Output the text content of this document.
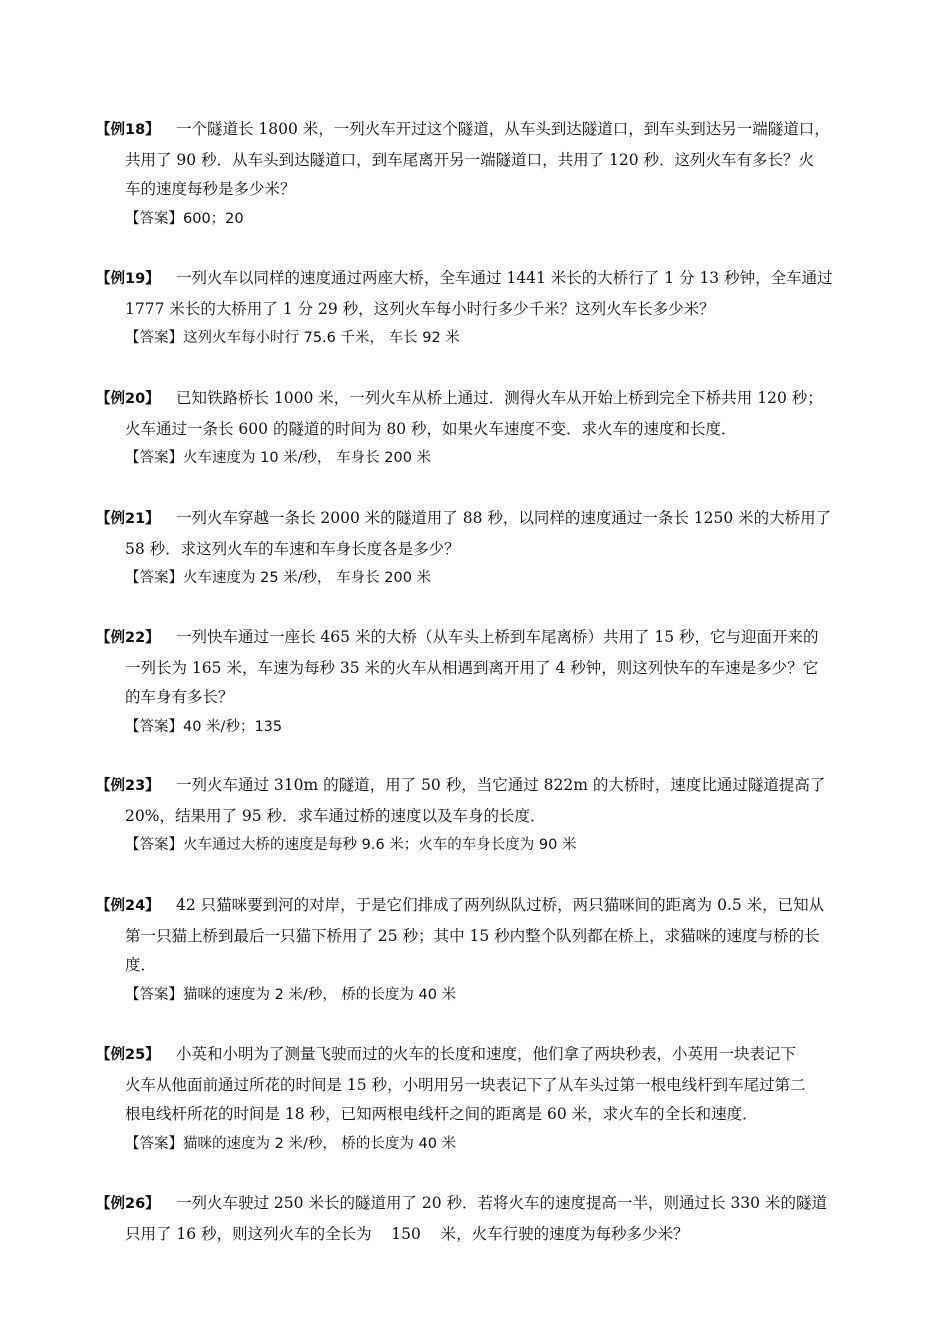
【例18】 一个隧道长 1800 米，一列火车开过这个隧道，从车头到达隧道口，到车头到达另一端隧道口，
共用了 90 秒．从车头到达隧道口，到车尾离开另一端隧道口，共用了 120 秒．这列火车有多长？火
车的速度每秒是多少米？
【答案】600；20
【例19】 一列火车以同样的速度通过两座大桥，全车通过 1441 米长的大桥行了 1 分 13 秒钟，全车通过
1777 米长的大桥用了 1 分 29 秒，这列火车每小时行多少千米？这列火车长多少米？
【答案】这列火车每小时行 75.6 千米， 车长 92 米
【例20】 已知铁路桥长 1000 米，一列火车从桥上通过．测得火车从开始上桥到完全下桥共用 120 秒；
火车通过一条长 600 的隧道的时间为 80 秒，如果火车速度不变．求火车的速度和长度．
【答案】火车速度为 10 米/秒， 车身长 200 米
【例21】 一列火车穿越一条长 2000 米的隧道用了 88 秒，以同样的速度通过一条长 1250 米的大桥用了
58 秒．求这列火车的车速和车身长度各是多少？
【答案】火车速度为 25 米/秒， 车身长 200 米
【例22】 一列快车通过一座长 465 米的大桥（从车头上桥到车尾离桥）共用了 15 秒，它与迎面开来的
一列长为 165 米，车速为每秒 35 米的火车从相遇到离开用了 4 秒钟，则这列快车的车速是多少？它
的车身有多长？
【答案】40 米/秒；135
【例23】 一列火车通过 310m 的隧道，用了 50 秒，当它通过 822m 的大桥时，速度比通过隧道提高了
20%，结果用了 95 秒．求车通过桥的速度以及车身的长度．
【答案】火车通过大桥的速度是每秒 9.6 米；火车的车身长度为 90 米
【例24】 42 只猫咪要到河的对岸，于是它们排成了两列纵队过桥，两只猫咪间的距离为 0.5 米，已知从
第一只猫上桥到最后一只猫下桥用了 25 秒；其中 15 秒内整个队列都在桥上，求猫咪的速度与桥的长
度．
【答案】猫咪的速度为 2 米/秒， 桥的长度为 40 米
【例25】 小英和小明为了测量飞驶而过的火车的长度和速度，他们拿了两块秒表，小英用一块表记下
火车从他面前通过所花的时间是 15 秒，小明用另一块表记下了从车头过第一根电线杆到车尾过第二
根电线杆所花的时间是 18 秒，已知两根电线杆之间的距离是 60 米，求火车的全长和速度．
【答案】猫咪的速度为 2 米/秒， 桥的长度为 40 米
【例26】 一列火车驶过 250 米长的隧道用了 20 秒．若将火车的速度提高一半，则通过长 330 米的隧道
只用了 16 秒，则这列火车的全长为    150    米，火车行驶的速度为每秒多少米？
